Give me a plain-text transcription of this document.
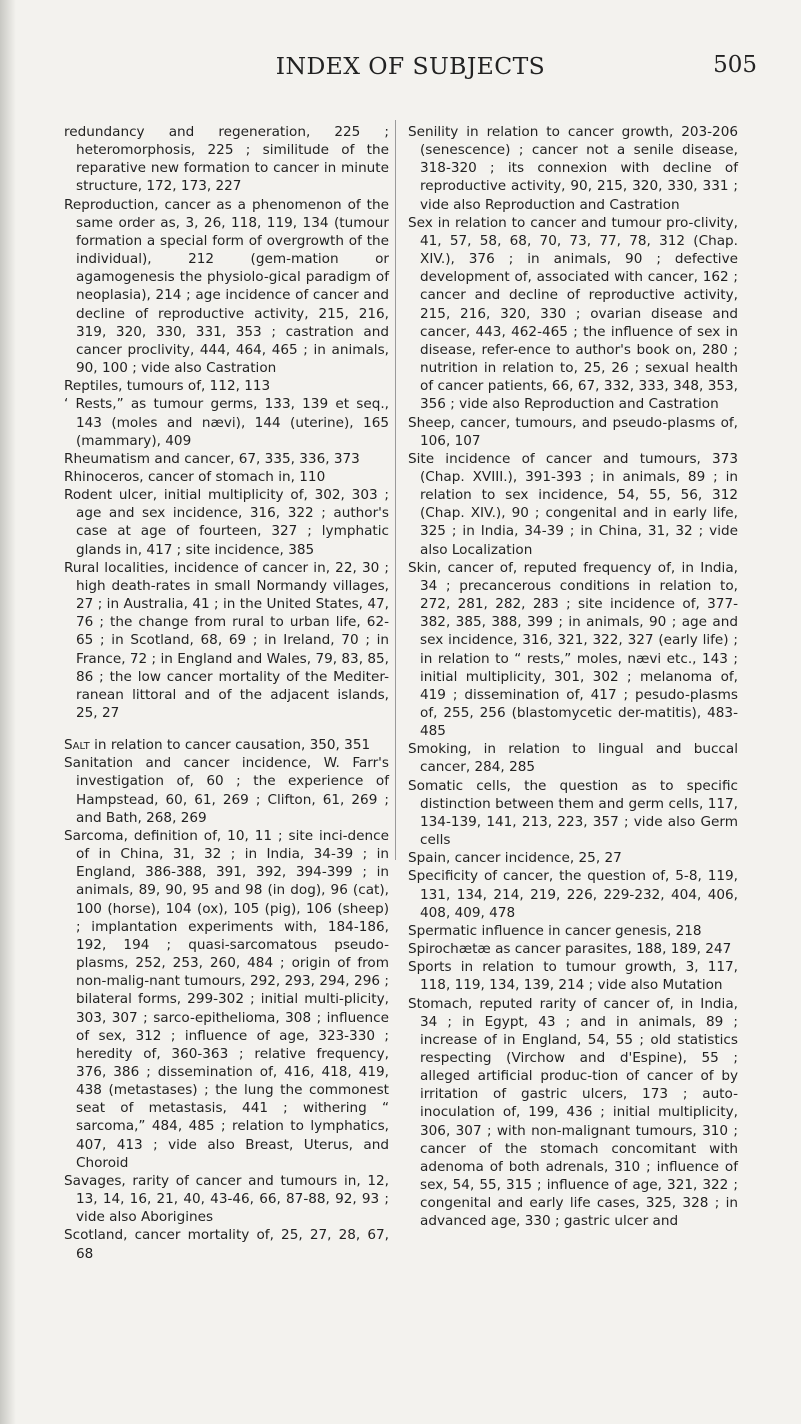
INDEX OF SUBJECTS	505

redundancy and regeneration, 225 ; heteromorphosis, 225 ; similitude of the reparative new formation to cancer in minute structure, 172, 173, 227

Reproduction, cancer as a phenomenon of the same order as, 3, 26, 118, 119, 134 (tumour formation a special form of overgrowth of the individual), 212 (gem-mation or agamogenesis the physiolo-gical paradigm of neoplasia), 214 ; age incidence of cancer and decline of reproductive activity, 215, 216, 319, 320, 330, 331, 353 ; castration and cancer proclivity, 444, 464, 465 ; in animals, 90, 100 ; vide also Castration

Reptiles, tumours of, 112, 113

‘ Rests,” as tumour germs, 133, 139 et seq., 143 (moles and nævi), 144 (uterine), 165 (mammary), 409

Rheumatism and cancer, 67, 335, 336, 373

Rhinoceros, cancer of stomach in, 110

Rodent ulcer, initial multiplicity of, 302, 303 ; age and sex incidence, 316, 322 ; author's case at age of fourteen, 327 ; lymphatic glands in, 417 ; site incidence, 385

Rural localities, incidence of cancer in, 22, 30 ; high death-rates in small Normandy villages, 27 ; in Australia, 41 ; in the United States, 47, 76 ; the change from rural to urban life, 62-65 ; in Scotland, 68, 69 ; in Ireland, 70 ; in France, 72 ; in England and Wales, 79, 83, 85, 86 ; the low cancer mortality of the Mediter-ranean littoral and of the adjacent islands, 25, 27

Salt in relation to cancer causation, 350, 351

Sanitation and cancer incidence, W. Farr's investigation of, 60 ; the experience of Hampstead, 60, 61, 269 ; Clifton, 61, 269 ; and Bath, 268, 269

Sarcoma, definition of, 10, 11 ; site inci-dence of in China, 31, 32 ; in India, 34-39 ; in England, 386-388, 391, 392, 394-399 ; in animals, 89, 90, 95 and 98 (in dog), 96 (cat), 100 (horse), 104 (ox), 105 (pig), 106 (sheep) ; implantation experiments with, 184-186, 192, 194 ; quasi-sarcomatous pseudo-plasms, 252, 253, 260, 484 ; origin of from non-malig-nant tumours, 292, 293, 294, 296 ; bilateral forms, 299-302 ; initial multi-plicity, 303, 307 ; sarco-epithelioma, 308 ; influence of sex, 312 ; influence of age, 323-330 ; heredity of, 360-363 ; relative frequency, 376, 386 ; dissemination of, 416, 418, 419, 438 (metastases) ; the lung the commonest seat of metastasis, 441 ; withering “ sarcoma,” 484, 485 ; relation to lymphatics, 407, 413 ; vide also Breast, Uterus, and Choroid

Savages, rarity of cancer and tumours in, 12, 13, 14, 16, 21, 40, 43-46, 66, 87-88, 92, 93 ; vide also Aborigines

Scotland, cancer mortality of, 25, 27, 28, 67, 68

Senility in relation to cancer growth, 203-206 (senescence) ; cancer not a senile disease, 318-320 ; its connexion with decline of reproductive activity, 90, 215, 320, 330, 331 ; vide also Reproduction and Castration

Sex in relation to cancer and tumour pro-clivity, 41, 57, 58, 68, 70, 73, 77, 78, 312 (Chap. XIV.), 376 ; in animals, 90 ; defective development of, associated with cancer, 162 ; cancer and decline of reproductive activity, 215, 216, 320, 330 ; ovarian disease and cancer, 443, 462-465 ; the influence of sex in disease, refer-ence to author's book on, 280 ; nutrition in relation to, 25, 26 ; sexual health of cancer patients, 66, 67, 332, 333, 348, 353, 356 ; vide also Reproduction and Castration

Sheep, cancer, tumours, and pseudo-plasms of, 106, 107

Site incidence of cancer and tumours, 373 (Chap. XVIII.), 391-393 ; in animals, 89 ; in relation to sex incidence, 54, 55, 56, 312 (Chap. XIV.), 90 ; congenital and in early life, 325 ; in India, 34-39 ; in China, 31, 32 ; vide also Localization

Skin, cancer of, reputed frequency of, in India, 34 ; precancerous conditions in relation to, 272, 281, 282, 283 ; site incidence of, 377-382, 385, 388, 399 ; in animals, 90 ; age and sex incidence, 316, 321, 322, 327 (early life) ; in relation to “ rests,” moles, nævi etc., 143 ; initial multiplicity, 301, 302 ; melanoma of, 419 ; dissemination of, 417 ; pesudo-plasms of, 255, 256 (blastomycetic der-matitis), 483-485

Smoking, in relation to lingual and buccal cancer, 284, 285

Somatic cells, the question as to specific distinction between them and germ cells, 117, 134-139, 141, 213, 223, 357 ; vide also Germ cells

Spain, cancer incidence, 25, 27

Specificity of cancer, the question of, 5-8, 119, 131, 134, 214, 219, 226, 229-232, 404, 406, 408, 409, 478

Spermatic influence in cancer genesis, 218

Spirochætæ as cancer parasites, 188, 189, 247

Sports in relation to tumour growth, 3, 117, 118, 119, 134, 139, 214 ; vide also Mutation

Stomach, reputed rarity of cancer of, in India, 34 ; in Egypt, 43 ; and in animals, 89 ; increase of in England, 54, 55 ; old statistics respecting (Virchow and d'Espine), 55 ; alleged artificial produc-tion of cancer of by irritation of gastric ulcers, 173 ; auto-inoculation of, 199, 436 ; initial multiplicity, 306, 307 ; with non-malignant tumours, 310 ; cancer of the stomach concomitant with adenoma of both adrenals, 310 ; influence of sex, 54, 55, 315 ; influence of age, 321, 322 ; congenital and early life cases, 325, 328 ; in advanced age, 330 ; gastric ulcer and
